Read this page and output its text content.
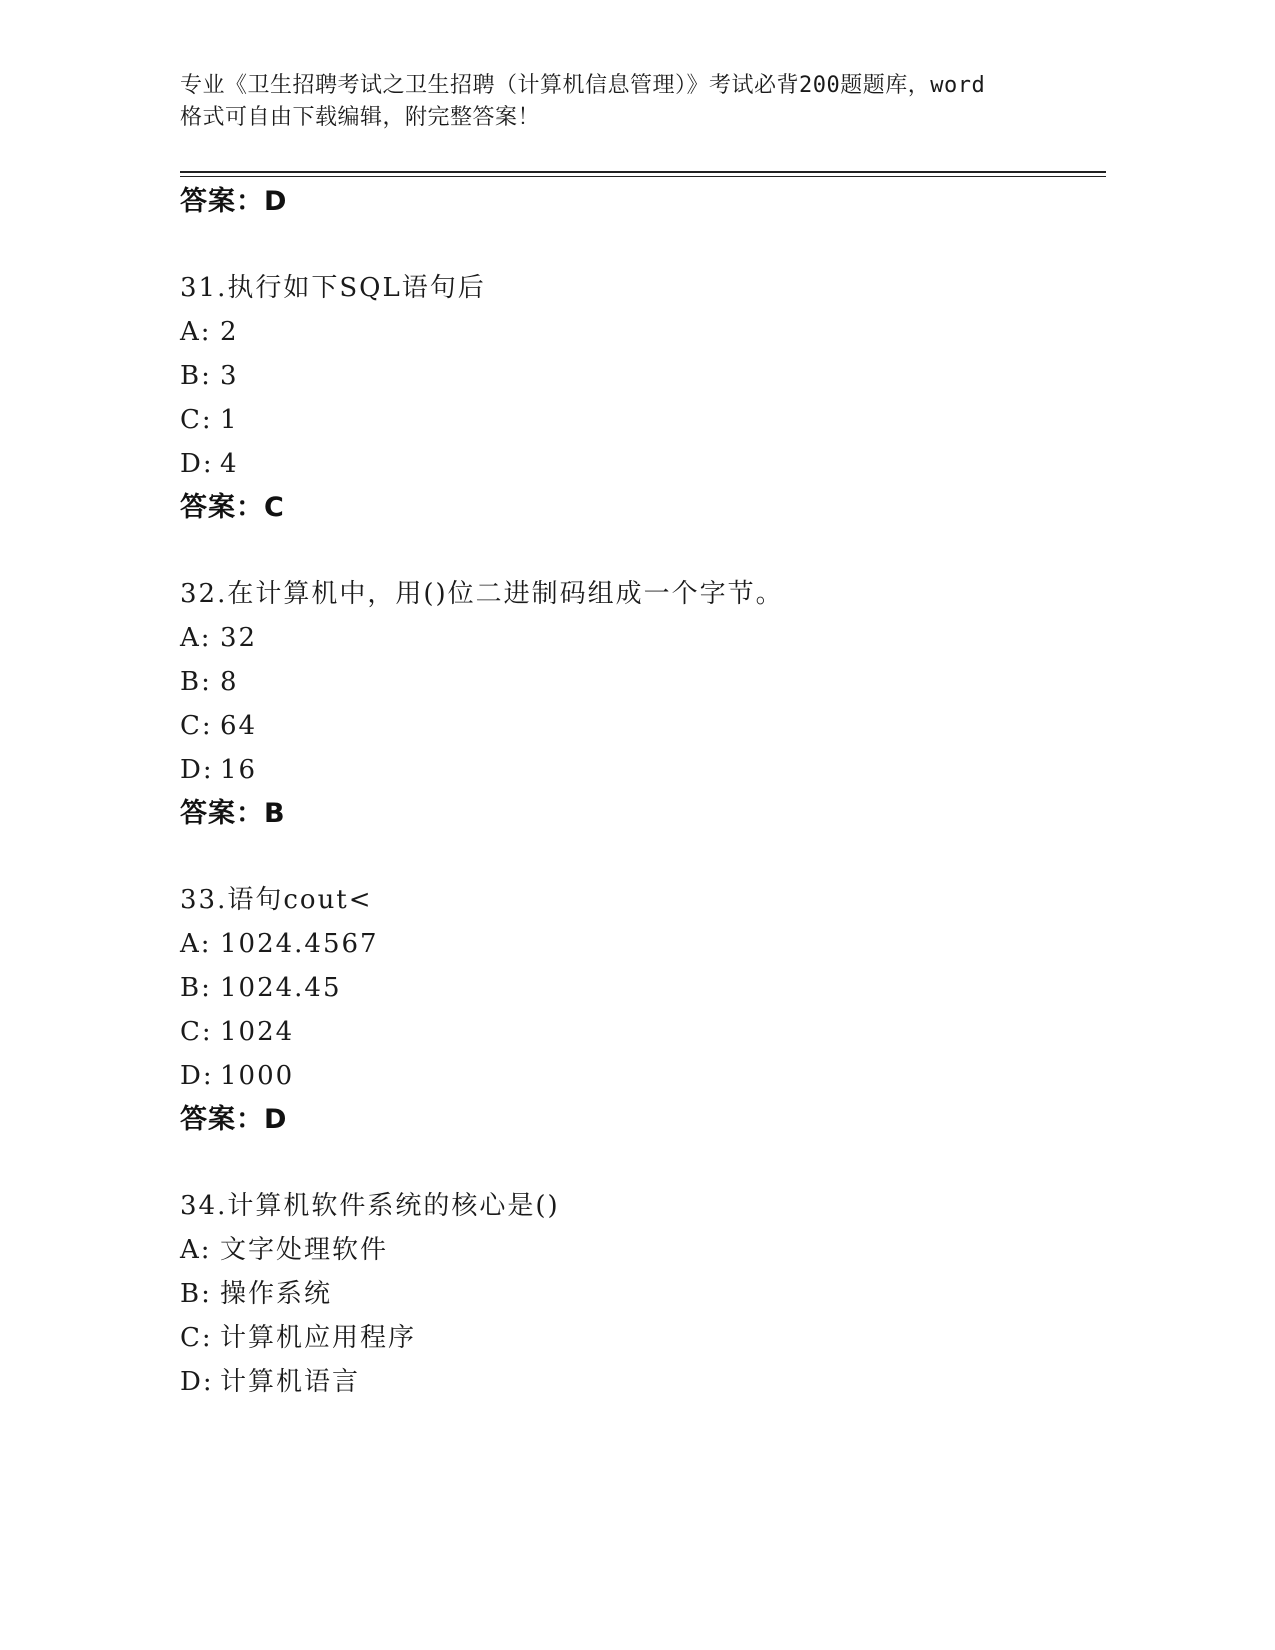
专业《卫生招聘考试之卫生招聘（计算机信息管理）》考试必背200题题库，word
格式可自由下载编辑，附完整答案！
答案：D
31.执行如下SQL语句后
A: 2
B: 3
C: 1
D: 4
答案：C
32.在计算机中，用()位二进制码组成一个字节。
A: 32
B: 8
C: 64
D: 16
答案：B
33.语句cout<
A: 1024.4567
B: 1024.45
C: 1024
D: 1000
答案：D
34.计算机软件系统的核心是()
A: 文字处理软件
B: 操作系统
C: 计算机应用程序
D: 计算机语言
